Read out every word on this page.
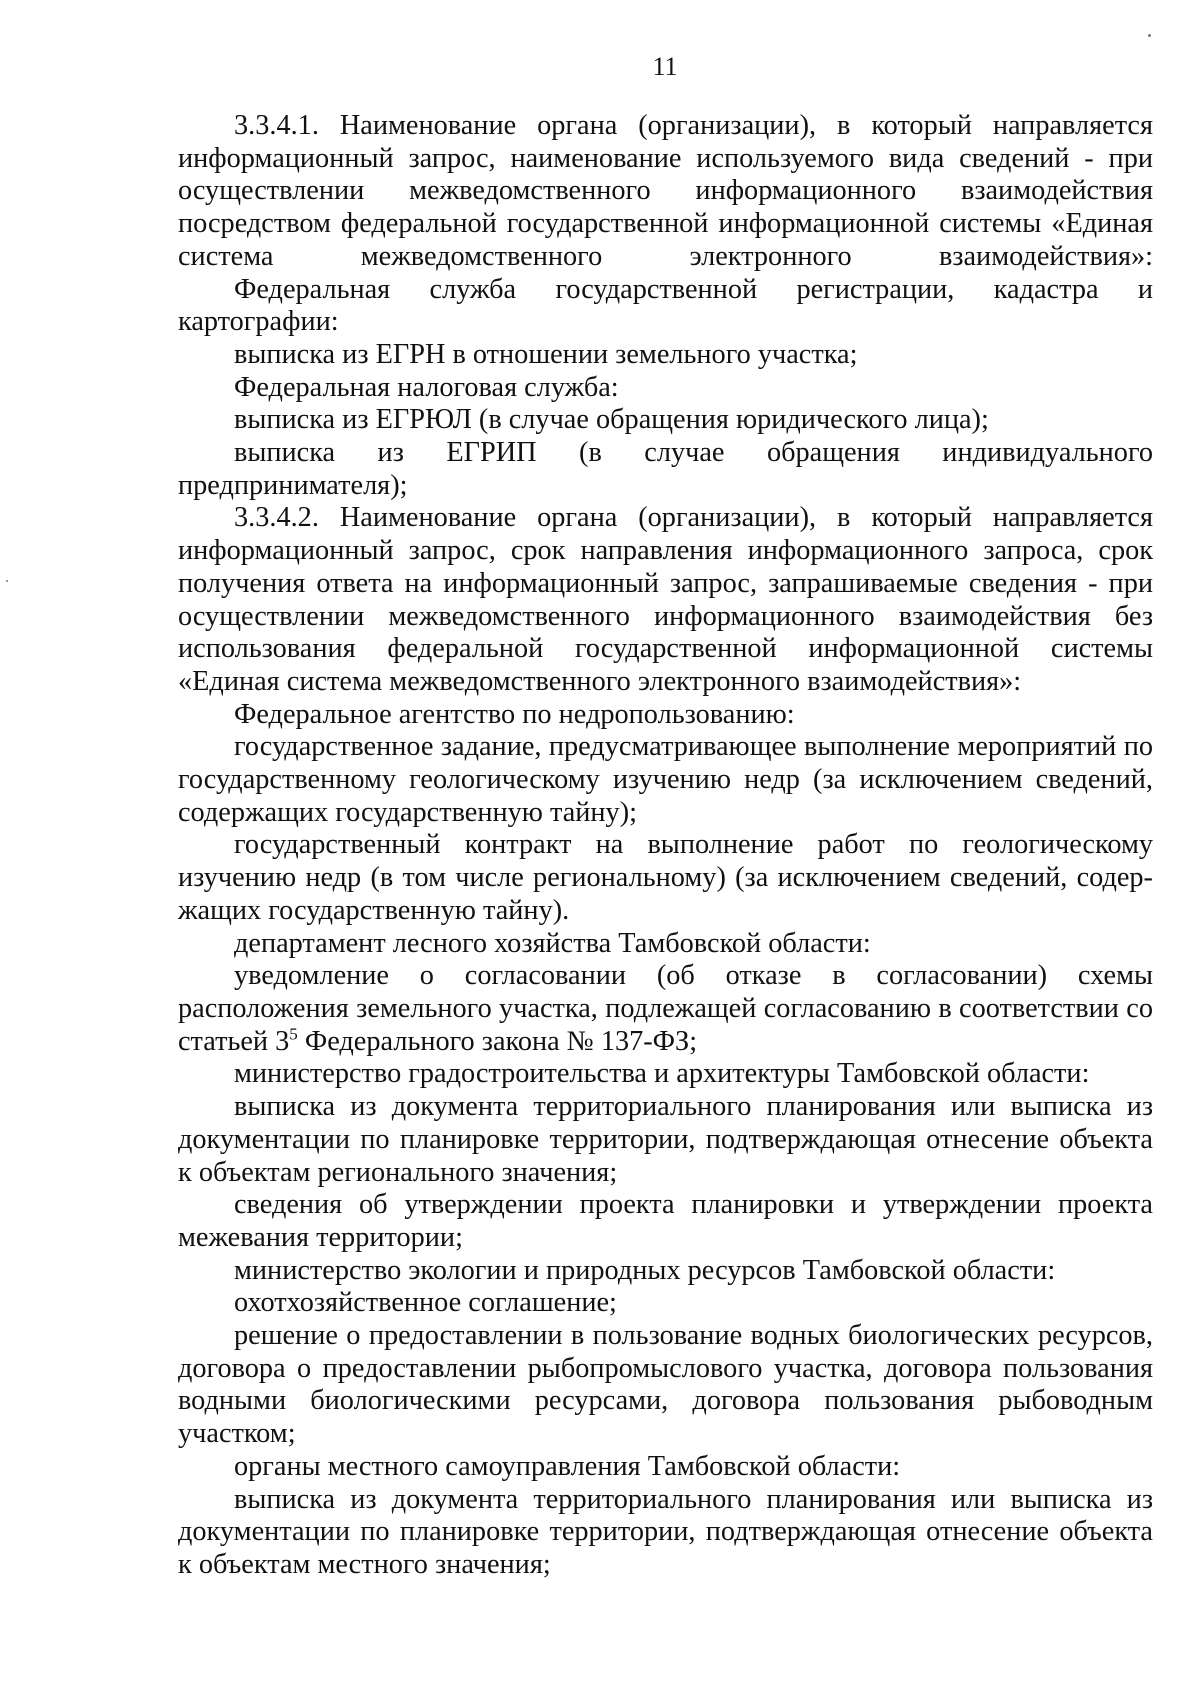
11

3.3.4.1. Наименование органа (организации), в который направляется информационный запрос, наименование используемого вида сведений - при осуществлении межведомственного информационного взаимодействия посредством федеральной государственной информационной системы «Единая система межведомственного электронного взаимодействия»:

Федеральная служба государственной регистрации, кадастра и картографии:

выписка из ЕГРН в отношении земельного участка;

Федеральная налоговая служба:

выписка из ЕГРЮЛ (в случае обращения юридического лица);

выписка из ЕГРИП (в случае обращения индивидуального предпринимателя);

3.3.4.2. Наименование органа (организации), в который направляется информационный запрос, срок направления информационного запроса, срок получения ответа на информационный запрос, запрашиваемые сведения - при осуществлении межведомственного информационного взаимодействия без использования федеральной государственной информационной системы «Единая система межведомственного электронного взаимодействия»:

Федеральное агентство по недропользованию:

государственное задание, предусматривающее выполнение мероприятий по государственному геологическому изучению недр (за исключением сведений, содержащих государственную тайну);

государственный контракт на выполнение работ по геологическому изучению недр (в том числе региональному) (за исключением сведений, содер-жащих государственную тайну).

департамент лесного хозяйства Тамбовской области:

уведомление о согласовании (об отказе в согласовании) схемы расположения земельного участка, подлежащей согласованию в соответствии со статьей $3^5$ Федерального закона № 137-ФЗ;

министерство градостроительства и архитектуры Тамбовской области:

выписка из документа территориального планирования или выписка из документации по планировке территории, подтверждающая отнесение объекта к объектам регионального значения;

сведения об утверждении проекта планировки и утверждении проекта межевания территории;

министерство экологии и природных ресурсов Тамбовской области:

охотхозяйственное соглашение;

решение о предоставлении в пользование водных биологических ресурсов, договора о предоставлении рыбопромыслового участка, договора пользования водными биологическими ресурсами, договора пользования рыбоводным участком;

органы местного самоуправления Тамбовской области:

выписка из документа территориального планирования или выписка из документации по планировке территории, подтверждающая отнесение объекта к объектам местного значения;
